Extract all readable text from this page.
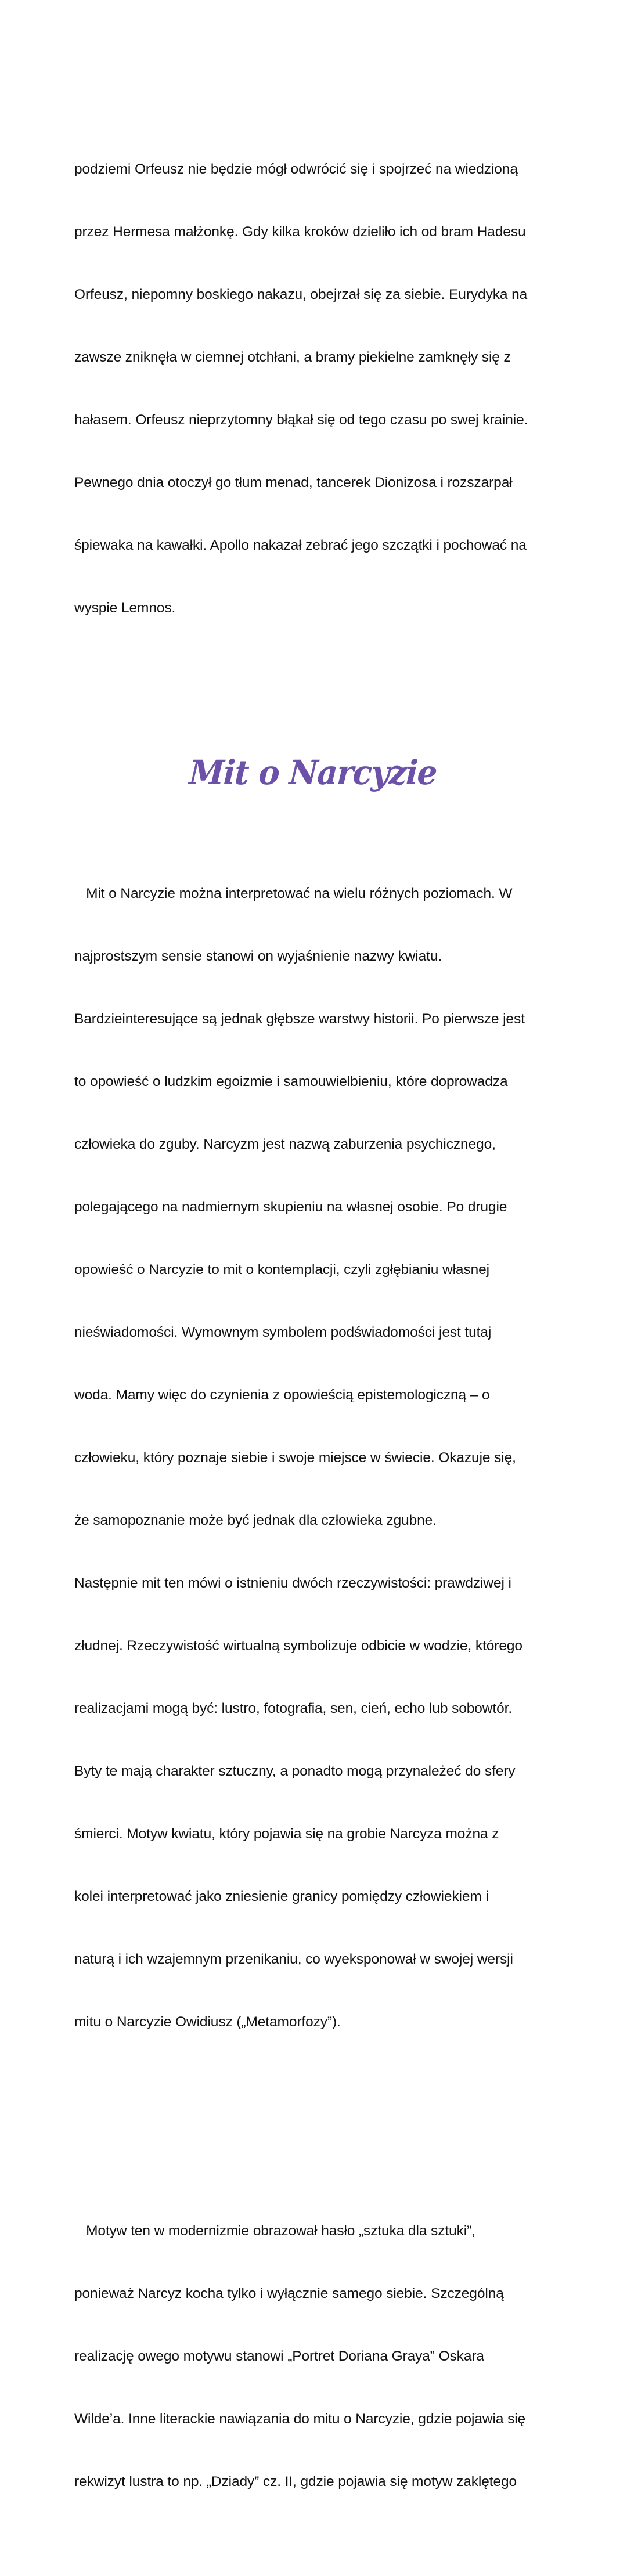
podziemi Orfeusz nie będzie mógł odwrócić się i spojrzeć na wiedzioną

przez Hermesa małżonkę. Gdy kilka kroków dzieliło ich od bram Hadesu

Orfeusz, niepomny boskiego nakazu, obejrzał się za siebie. Eurydyka na

zawsze zniknęła w ciemnej otchłani, a bramy piekielne zamknęły się z

hałasem. Orfeusz nieprzytomny błąkał się od tego czasu po swej krainie.

Pewnego dnia otoczył go tłum menad, tancerek Dionizosa i rozszarpał

śpiewaka na kawałki. Apollo nakazał zebrać jego szczątki i pochować na

wyspie Lemnos.

Mit o Narcyzie

Mit o Narcyzie można interpretować na wielu różnych poziomach. W

najprostszym sensie stanowi on wyjaśnienie nazwy kwiatu.

Bardzieinteresujące są jednak głębsze warstwy historii. Po pierwsze jest

to opowieść o ludzkim egoizmie i samouwielbieniu, które doprowadza

człowieka do zguby. Narcyzm jest nazwą zaburzenia psychicznego,

polegającego na nadmiernym skupieniu na własnej osobie. Po drugie

opowieść o Narcyzie to mit o kontemplacji, czyli zgłębianiu własnej

nieświadomości. Wymownym symbolem podświadomości jest tutaj

woda. Mamy więc do czynienia z opowieścią epistemologiczną – o

człowieku, który poznaje siebie i swoje miejsce w świecie. Okazuje się,

że samopoznanie może być jednak dla człowieka zgubne.

Następnie mit ten mówi o istnieniu dwóch rzeczywistości: prawdziwej i

złudnej. Rzeczywistość wirtualną symbolizuje odbicie w wodzie, którego

realizacjami mogą być: lustro, fotografia, sen, cień, echo lub sobowtór.

Byty te mają charakter sztuczny, a ponadto mogą przynależeć do sfery

śmierci. Motyw kwiatu, który pojawia się na grobie Narcyza można z

kolei interpretować jako zniesienie granicy pomiędzy człowiekiem i

naturą i ich wzajemnym przenikaniu, co wyeksponował w swojej wersji

mitu o Narcyzie Owidiusz („Metamorfozy”).

Motyw ten w modernizmie obrazował hasło „sztuka dla sztuki”,

ponieważ Narcyz kocha tylko i wyłącznie samego siebie. Szczególną

realizację owego motywu stanowi „Portret Doriana Graya” Oskara

Wilde’a. Inne literackie nawiązania do mitu o Narcyzie, gdzie pojawia się

rekwizyt lustra to np. „Dziady” cz. II, gdzie pojawia się motyw zaklętego
